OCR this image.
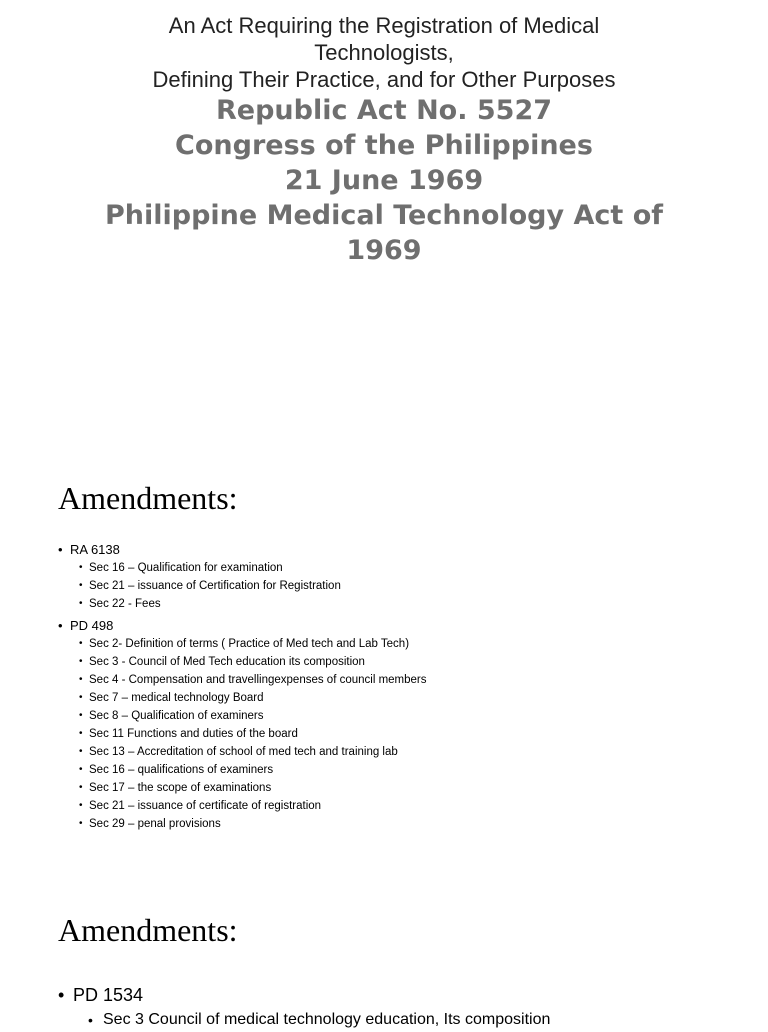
An Act Requiring the Registration of Medical
Technologists,
Defining Their Practice, and for Other Purposes
Republic Act No. 5527
Congress of the Philippines
21 June 1969
Philippine Medical Technology Act of
1969
Amendments:
• RA 6138
• Sec 16 – Qualification for examination
• Sec 21 – issuance of Certification for Registration
• Sec 22 - Fees
• PD 498
• Sec 2- Definition of terms ( Practice of Med tech and Lab Tech)
• Sec 3 - Council of Med Tech education its composition
• Sec 4 - Compensation and travellingexpenses of council members
• Sec 7 – medical technology Board
• Sec 8 – Qualification of examiners
• Sec 11 Functions and duties of the board
• Sec 13 – Accreditation of school of med tech and training lab
• Sec 16 – qualifications of examiners
• Sec 17 – the scope of examinations
• Sec 21 – issuance of certificate of registration
• Sec 29 – penal provisions
Amendments:
• PD 1534
• Sec 3 Council of medical technology education, Its composition
